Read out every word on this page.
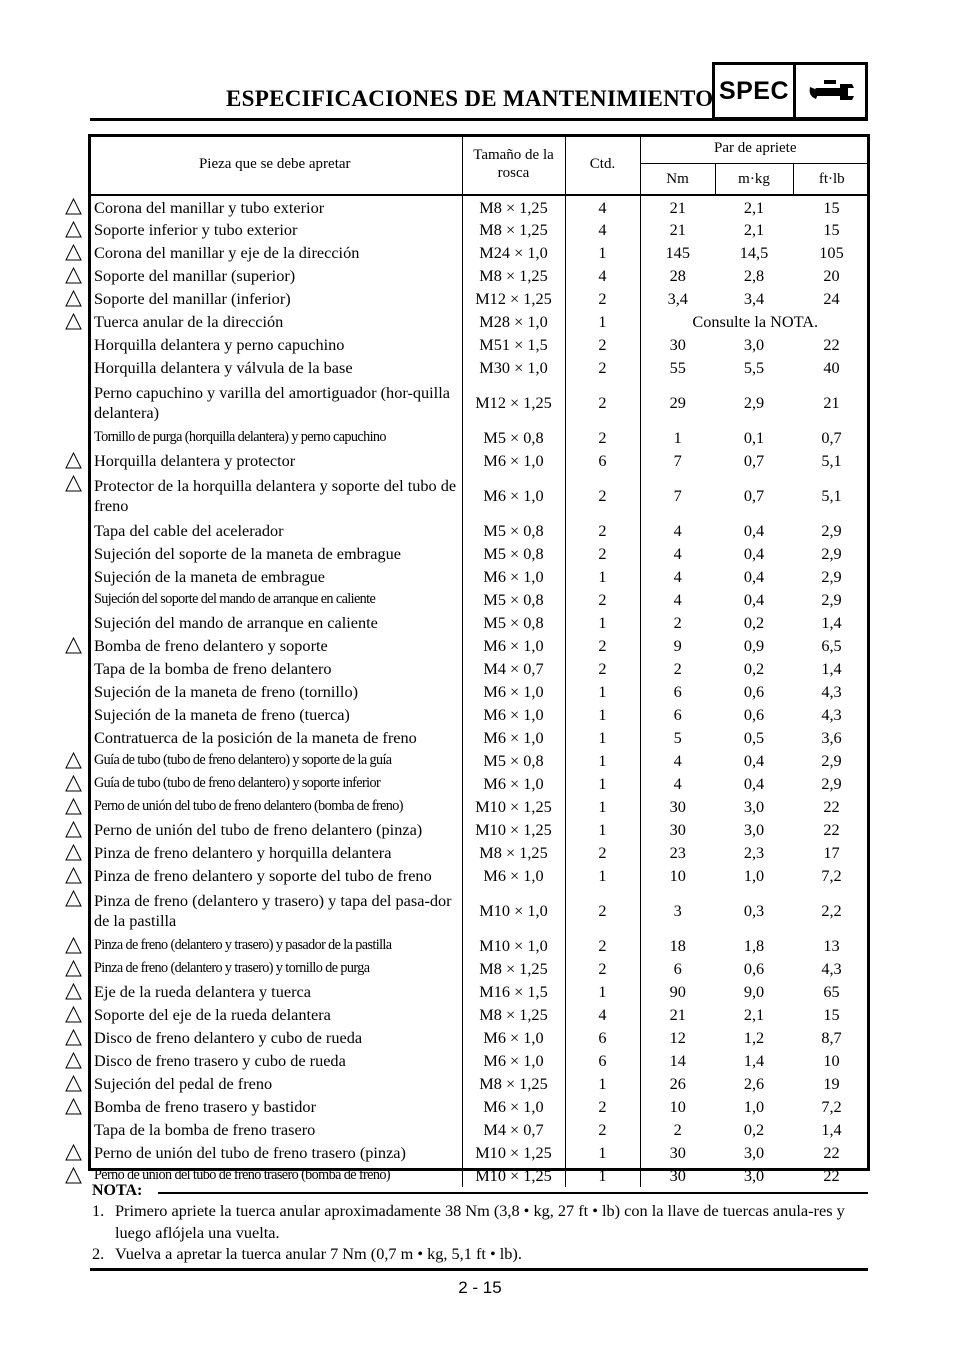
ESPECIFICACIONES DE MANTENIMIENTO SPEC
Pieza que se debe apretar	Tamaño de la
rosca	Ctd.	Par de apriete		
			Nm	m·kg	ft·lb
Corona del manillar y tubo exterior	M8 × 1,25	4	21	2,1	15
Soporte inferior y tubo exterior	M8 × 1,25	4	21	2,1	15
Corona del manillar y eje de la dirección	M24 × 1,0	1	145	14,5	105
Soporte del manillar (superior)	M8 × 1,25	4	28	2,8	20
Soporte del manillar (inferior)	M12 × 1,25	2	3,4	3,4	24
Tuerca anular de la dirección	M28 × 1,0	1	Consulte la NOTA.		
Horquilla delantera y perno capuchino	M51 × 1,5	2	30	3,0	22
Horquilla delantera y válvula de la base	M30 × 1,0	2	55	5,5	40
Perno capuchino y varilla del amortiguador (hor-quilla delantera)	M12 × 1,25	2	29	2,9	21
Tornillo de purga (horquilla delantera) y perno capuchino	M5 × 0,8	2	1	0,1	0,7
Horquilla delantera y protector	M6 × 1,0	6	7	0,7	5,1
Protector de la horquilla delantera y soporte del tubo de freno	M6 × 1,0	2	7	0,7	5,1
Tapa del cable del acelerador	M5 × 0,8	2	4	0,4	2,9
Sujeción del soporte de la maneta de embrague	M5 × 0,8	2	4	0,4	2,9
Sujeción de la maneta de embrague	M6 × 1,0	1	4	0,4	2,9
Sujeción del soporte del mando de arranque en caliente	M5 × 0,8	2	4	0,4	2,9
Sujeción del mando de arranque en caliente	M5 × 0,8	1	2	0,2	1,4
Bomba de freno delantero y soporte	M6 × 1,0	2	9	0,9	6,5
Tapa de la bomba de freno delantero	M4 × 0,7	2	2	0,2	1,4
Sujeción de la maneta de freno (tornillo)	M6 × 1,0	1	6	0,6	4,3
Sujeción de la maneta de freno (tuerca)	M6 × 1,0	1	6	0,6	4,3
Contratuerca de la posición de la maneta de freno	M6 × 1,0	1	5	0,5	3,6
Guía de tubo (tubo de freno delantero) y soporte de la guía	M5 × 0,8	1	4	0,4	2,9
Guía de tubo (tubo de freno delantero) y soporte inferior	M6 × 1,0	1	4	0,4	2,9
Perno de unión del tubo de freno delantero (bomba de freno)	M10 × 1,25	1	30	3,0	22
Perno de unión del tubo de freno delantero (pinza)	M10 × 1,25	1	30	3,0	22
Pinza de freno delantero y horquilla delantera	M8 × 1,25	2	23	2,3	17
Pinza de freno delantero y soporte del tubo de freno	M6 × 1,0	1	10	1,0	7,2
Pinza de freno (delantero y trasero) y tapa del pasa-dor de la pastilla	M10 × 1,0	2	3	0,3	2,2
Pinza de freno (delantero y trasero) y pasador de la pastilla	M10 × 1,0	2	18	1,8	13
Pinza de freno (delantero y trasero) y tornillo de purga	M8 × 1,25	2	6	0,6	4,3
Eje de la rueda delantera y tuerca	M16 × 1,5	1	90	9,0	65
Soporte del eje de la rueda delantera	M8 × 1,25	4	21	2,1	15
Disco de freno delantero y cubo de rueda	M6 × 1,0	6	12	1,2	8,7
Disco de freno trasero y cubo de rueda	M6 × 1,0	6	14	1,4	10
Sujeción del pedal de freno	M8 × 1,25	1	26	2,6	19
Bomba de freno trasero y bastidor	M6 × 1,0	2	10	1,0	7,2
Tapa de la bomba de freno trasero	M4 × 0,7	2	2	0,2	1,4
Perno de unión del tubo de freno trasero (pinza)	M10 × 1,25	1	30	3,0	22
Perno de unión del tubo de freno trasero (bomba de freno)	M10 × 1,25	1	30	3,0	22
NOTA:
1. Primero apriete la tuerca anular aproximadamente 38 Nm (3,8 • kg, 27 ft • lb) con la llave de tuercas anula-res y luego aflójela una vuelta.
2. Vuelva a apretar la tuerca anular 7 Nm (0,7 m • kg, 5,1 ft • lb).
2 - 15
